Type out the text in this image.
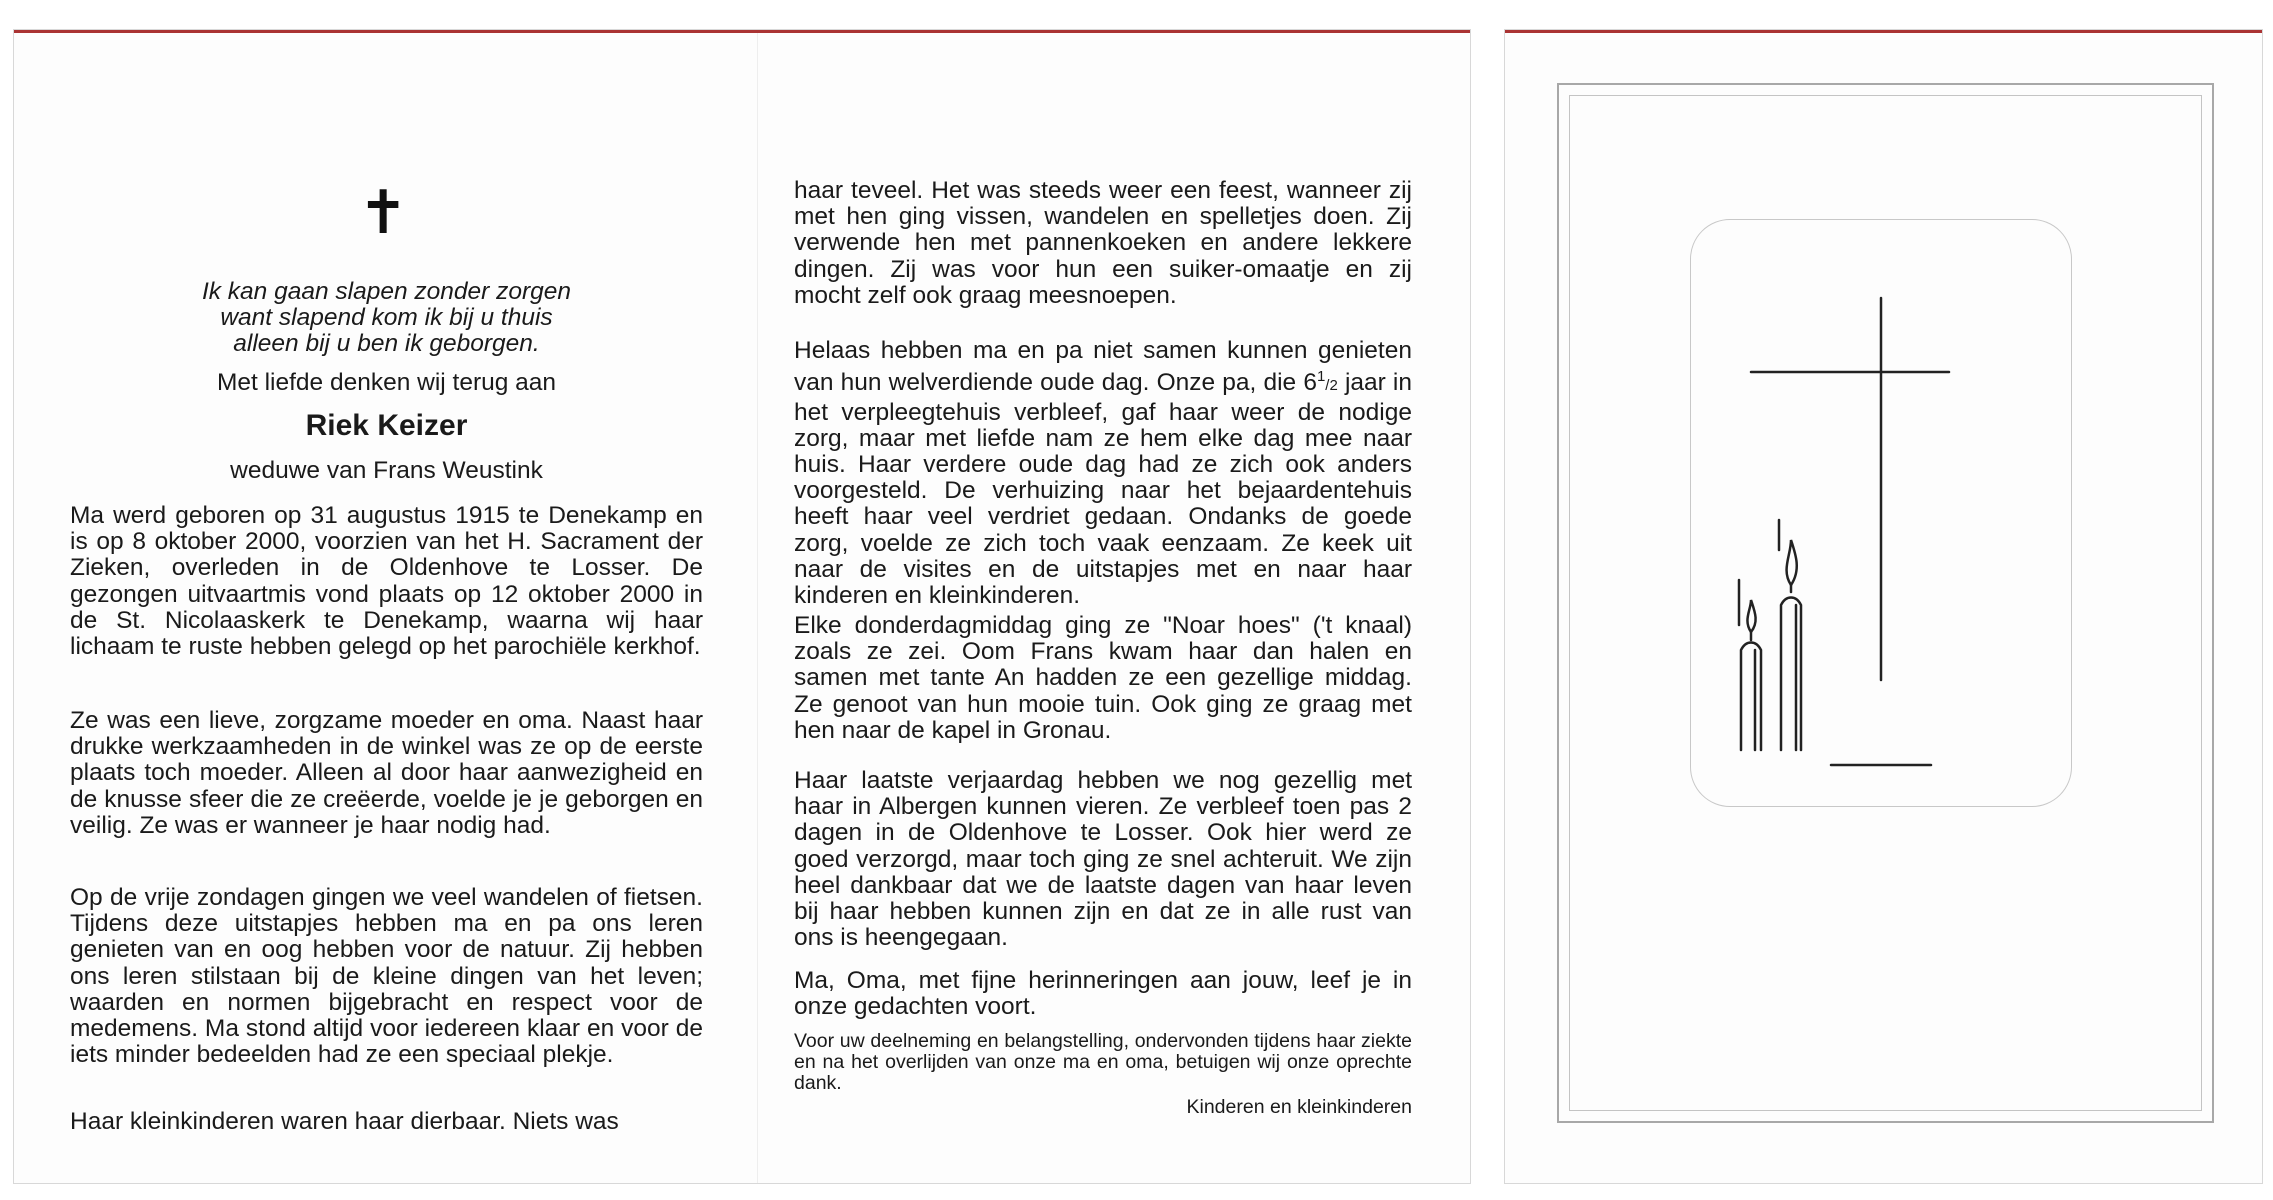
✝
Ik kan gaan slapen zonder zorgen
want slapend kom ik bij u thuis
alleen bij u ben ik geborgen.
Met liefde denken wij terug aan
Riek Keizer
weduwe van Frans Weustink

Ma werd geboren op 31 augustus 1915 te Denekamp en is op 8 oktober 2000, voorzien van het H. Sacrament der Zieken, overleden in de Oldenhove te Losser. De gezongen uitvaartmis vond plaats op 12 oktober 2000 in de St. Nicolaaskerk te Denekamp, waarna wij haar lichaam te ruste hebben gelegd op het parochiële kerkhof.

Ze was een lieve, zorgzame moeder en oma. Naast haar drukke werkzaamheden in de winkel was ze op de eerste plaats toch moeder. Alleen al door haar aanwezigheid en de knusse sfeer die ze creëerde, voelde je je geborgen en veilig. Ze was er wanneer je haar nodig had.

Op de vrije zondagen gingen we veel wandelen of fietsen. Tijdens deze uitstapjes hebben ma en pa ons leren genieten van en oog hebben voor de natuur. Zij hebben ons leren stilstaan bij de kleine dingen van het leven; waarden en normen bijgebracht en respect voor de medemens. Ma stond altijd voor iedereen klaar en voor de iets minder bedeelden had ze een speciaal plekje.

Haar kleinkinderen waren haar dierbaar. Niets was

haar teveel. Het was steeds weer een feest, wanneer zij met hen ging vissen, wandelen en spelletjes doen. Zij verwende hen met pannenkoeken en andere lekkere dingen. Zij was voor hun een suiker-omaatje en zij mocht zelf ook graag meesnoepen.

Helaas hebben ma en pa niet samen kunnen genieten van hun welverdiende oude dag. Onze pa, die $6^1/2$ jaar in het verpleegtehuis verbleef, gaf haar weer de nodige zorg, maar met liefde nam ze hem elke dag mee naar huis. Haar verdere oude dag had ze zich ook anders voorgesteld. De verhuizing naar het bejaardentehuis heeft haar veel verdriet gedaan. Ondanks de goede zorg, voelde ze zich toch vaak eenzaam. Ze keek uit naar de visites en de uitstapjes met en naar haar kinderen en kleinkinderen.

Elke donderdagmiddag ging ze "Noar hoes" ('t knaal) zoals ze zei. Oom Frans kwam haar dan halen en samen met tante An hadden ze een gezellige middag. Ze genoot van hun mooie tuin. Ook ging ze graag met hen naar de kapel in Gronau.

Haar laatste verjaardag hebben we nog gezellig met haar in Albergen kunnen vieren. Ze verbleef toen pas 2 dagen in de Oldenhove te Losser. Ook hier werd ze goed verzorgd, maar toch ging ze snel achteruit. We zijn heel dankbaar dat we de laatste dagen van haar leven bij haar hebben kunnen zijn en dat ze in alle rust van ons is heengegaan.

Ma, Oma, met fijne herinneringen aan jouw, leef je in onze gedachten voort.

Voor uw deelneming en belangstelling, ondervonden tijdens haar ziekte en na het overlijden van onze ma en oma, betuigen wij onze oprechte dank.

Kinderen en kleinkinderen
